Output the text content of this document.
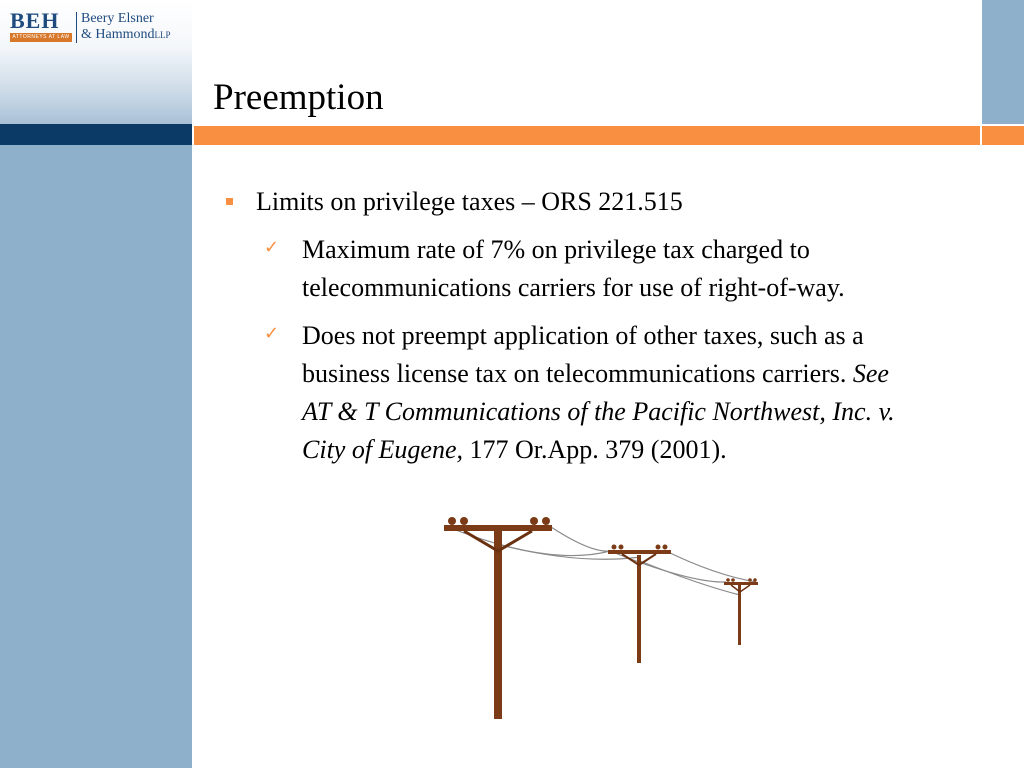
BEH
ATTORNEYS AT LAW
Beery Elsner
& HammondLLP
Preemption
Limits on privilege taxes – ORS 221.515
✓ Maximum rate of 7% on privilege tax charged to
telecommunications carriers for use of right-of-way.
✓ Does not preempt application of other taxes, such as a
business license tax on telecommunications carriers. See
AT & T Communications of the Pacific Northwest, Inc. v.
City of Eugene, 177 Or.App. 379 (2001).
